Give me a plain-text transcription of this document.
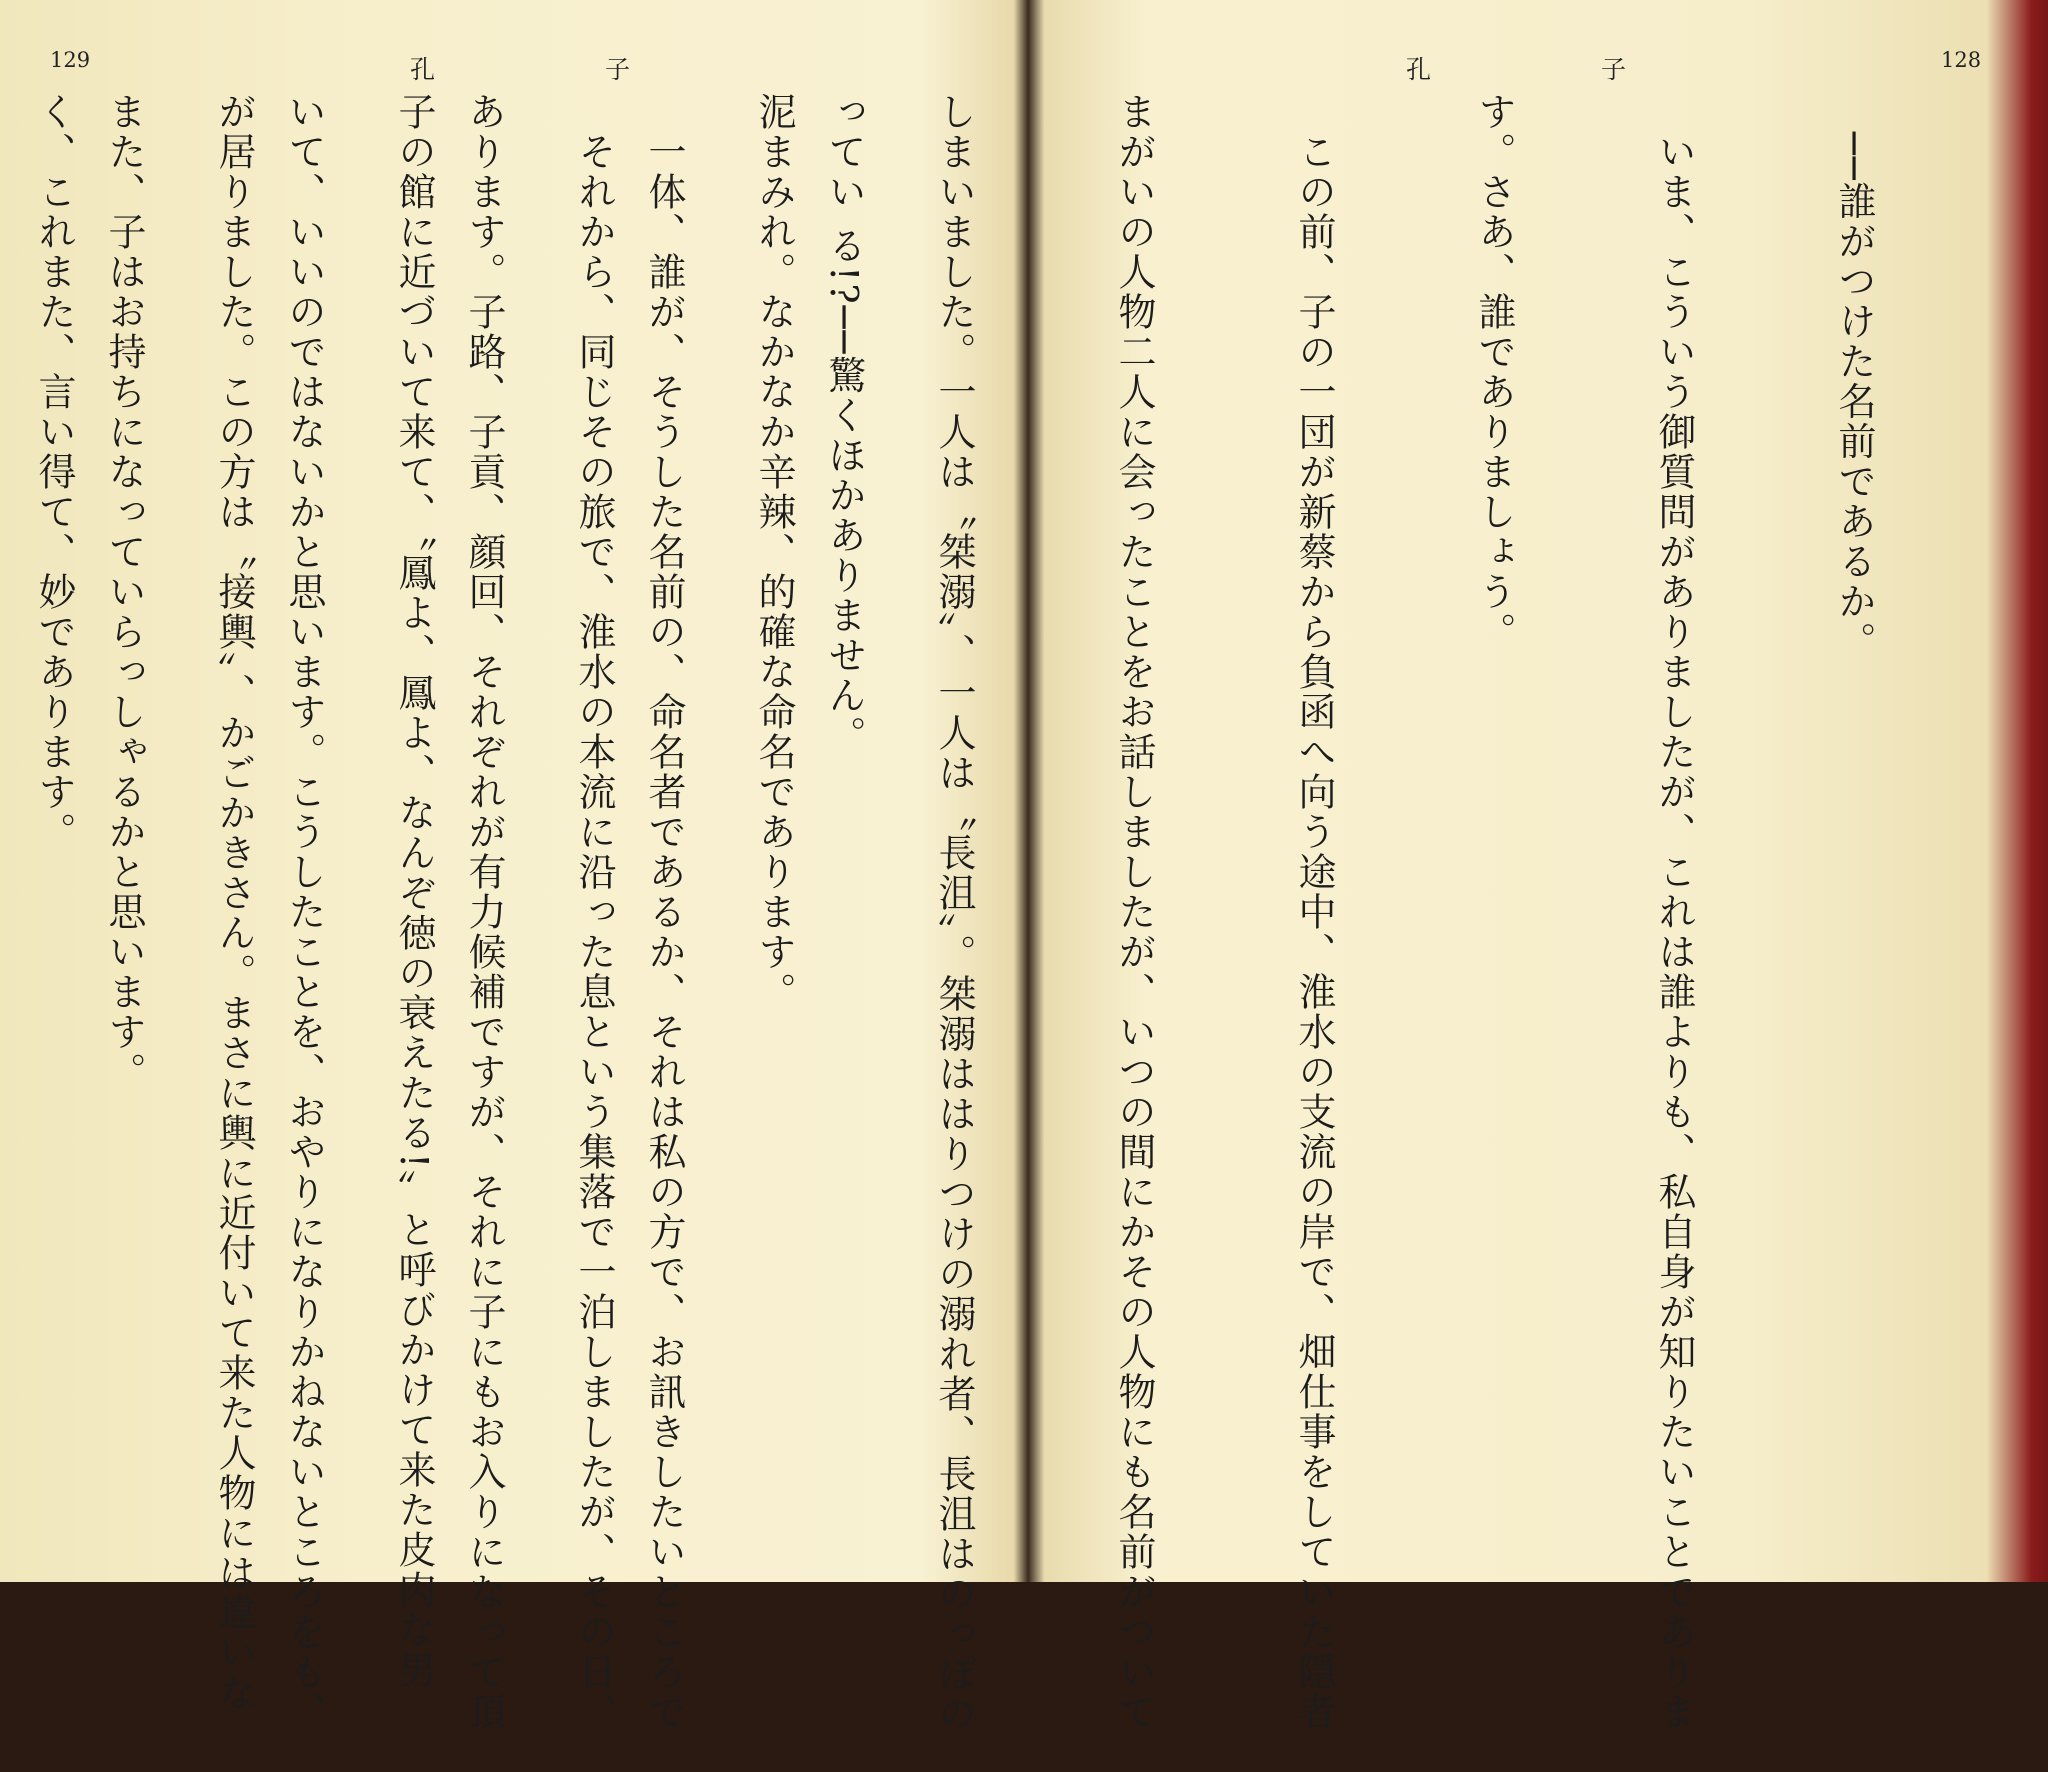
129	孔	子

ってい る!?──驚くほかありません。

　一体、誰が、そうした名前の、命名者であるか、それは私の方で、お訊きしたいところで

あります。子路、子貢、顔回、それぞれが有力候補ですが、それに子にもお入りになって頂

いて、いいのではないかと思います。こうしたことを、おやりになりかねないところをも、

また、子はお持ちになっていらっしゃるかと思います。

孔	子	128

　──誰がつけた名前であるか。

　いま、こういう御質問がありましたが、これは誰よりも、私自身が知りたいことでありま

す。さあ、誰でありましょう。

　この前、子の一団が新蔡から負函へ向う途中、淮水の支流の岸で、畑仕事をしていた隠者

まがいの人物二人に会ったことをお話しましたが、いつの間にかその人物にも名前がついて

しまいました。一人は〝桀溺〟、一人は〝長沮〟。桀溺ははりつけの溺れ者、長沮はのっぽの

泥まみれ。なかなか辛辣、的確な命名であります。

　それから、同じその旅で、淮水の本流に沿った息という集落で一泊しましたが、その日、

子の館に近づいて来て、〝鳳よ、鳳よ、なんぞ徳の衰えたる!〟と呼びかけて来た皮肉な男

が居りました。この方は〝接輿〟、かごかきさん。まさに輿に近付いて来た人物には違いな

く、これまた、言い得て、妙であります。
